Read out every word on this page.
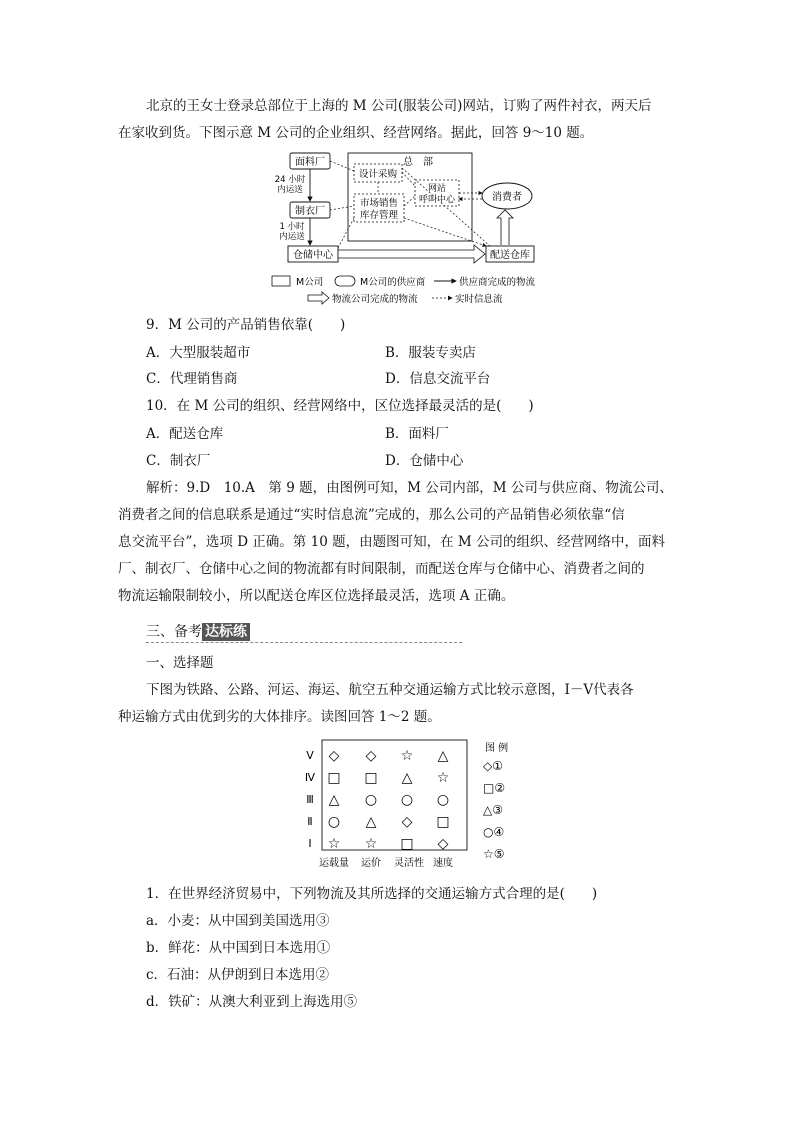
北京的王女士登录总部位于上海的 M 公司(服装公司)网站，订购了两件衬衣，两天后
在家收到货。下图示意 M 公司的企业组织、经营网络。据此，回答 9～10 题。
面料厂
24 小时
内运送
制衣厂
1 小时
内运送
仓储中心
总　部
设计采购
市场销售
库存管理
网站
呼叫中心	消费者
配送仓库
M公司	M公司的供应商	供应商完成的物流
物流公司完成的物流	实时信息流
9．M 公司的产品销售依靠(　　)
A．大型服装超市	B．服装专卖店
C．代理销售商	D．信息交流平台
10．在 M 公司的组织、经营网络中，区位选择最灵活的是(　　)
A．配送仓库	B．面料厂
C．制衣厂	D．仓储中心
解析：9.D　10.A　第 9 题，由图例可知，M 公司内部，M 公司与供应商、物流公司、
消费者之间的信息联系是通过“实时信息流”完成的，那么公司的产品销售必须依靠“信
息交流平台”，选项 D 正确。第 10 题，由题图可知，在 M 公司的组织、经营网络中，面料
厂、制衣厂、仓储中心之间的物流都有时间限制，而配送仓库与仓储中心、消费者之间的
物流运输限制较小，所以配送仓库区位选择最灵活，选项 A 正确。
三、备考 达标练
一、选择题
下图为铁路、公路、河运、海运、航空五种交通运输方式比较示意图，Ⅰ－Ⅴ代表各
种运输方式由优到劣的大体排序。读图回答 1～2 题。
Ⅴ ◇ ◇ ☆ △
Ⅳ □ □ △ ☆
Ⅲ △ ○ ○ ○
Ⅱ ○ △ ◇ □
Ⅰ ☆ ☆ □ ◇
运载量 运价 灵活性 速度
图 例
◇①
□②
△③
○④
☆⑤
1．在世界经济贸易中，下列物流及其所选择的交通运输方式合理的是(　　)
a．小麦：从中国到美国选用③
b．鲜花：从中国到日本选用①
c．石油：从伊朗到日本选用②
d．铁矿：从澳大利亚到上海选用⑤
